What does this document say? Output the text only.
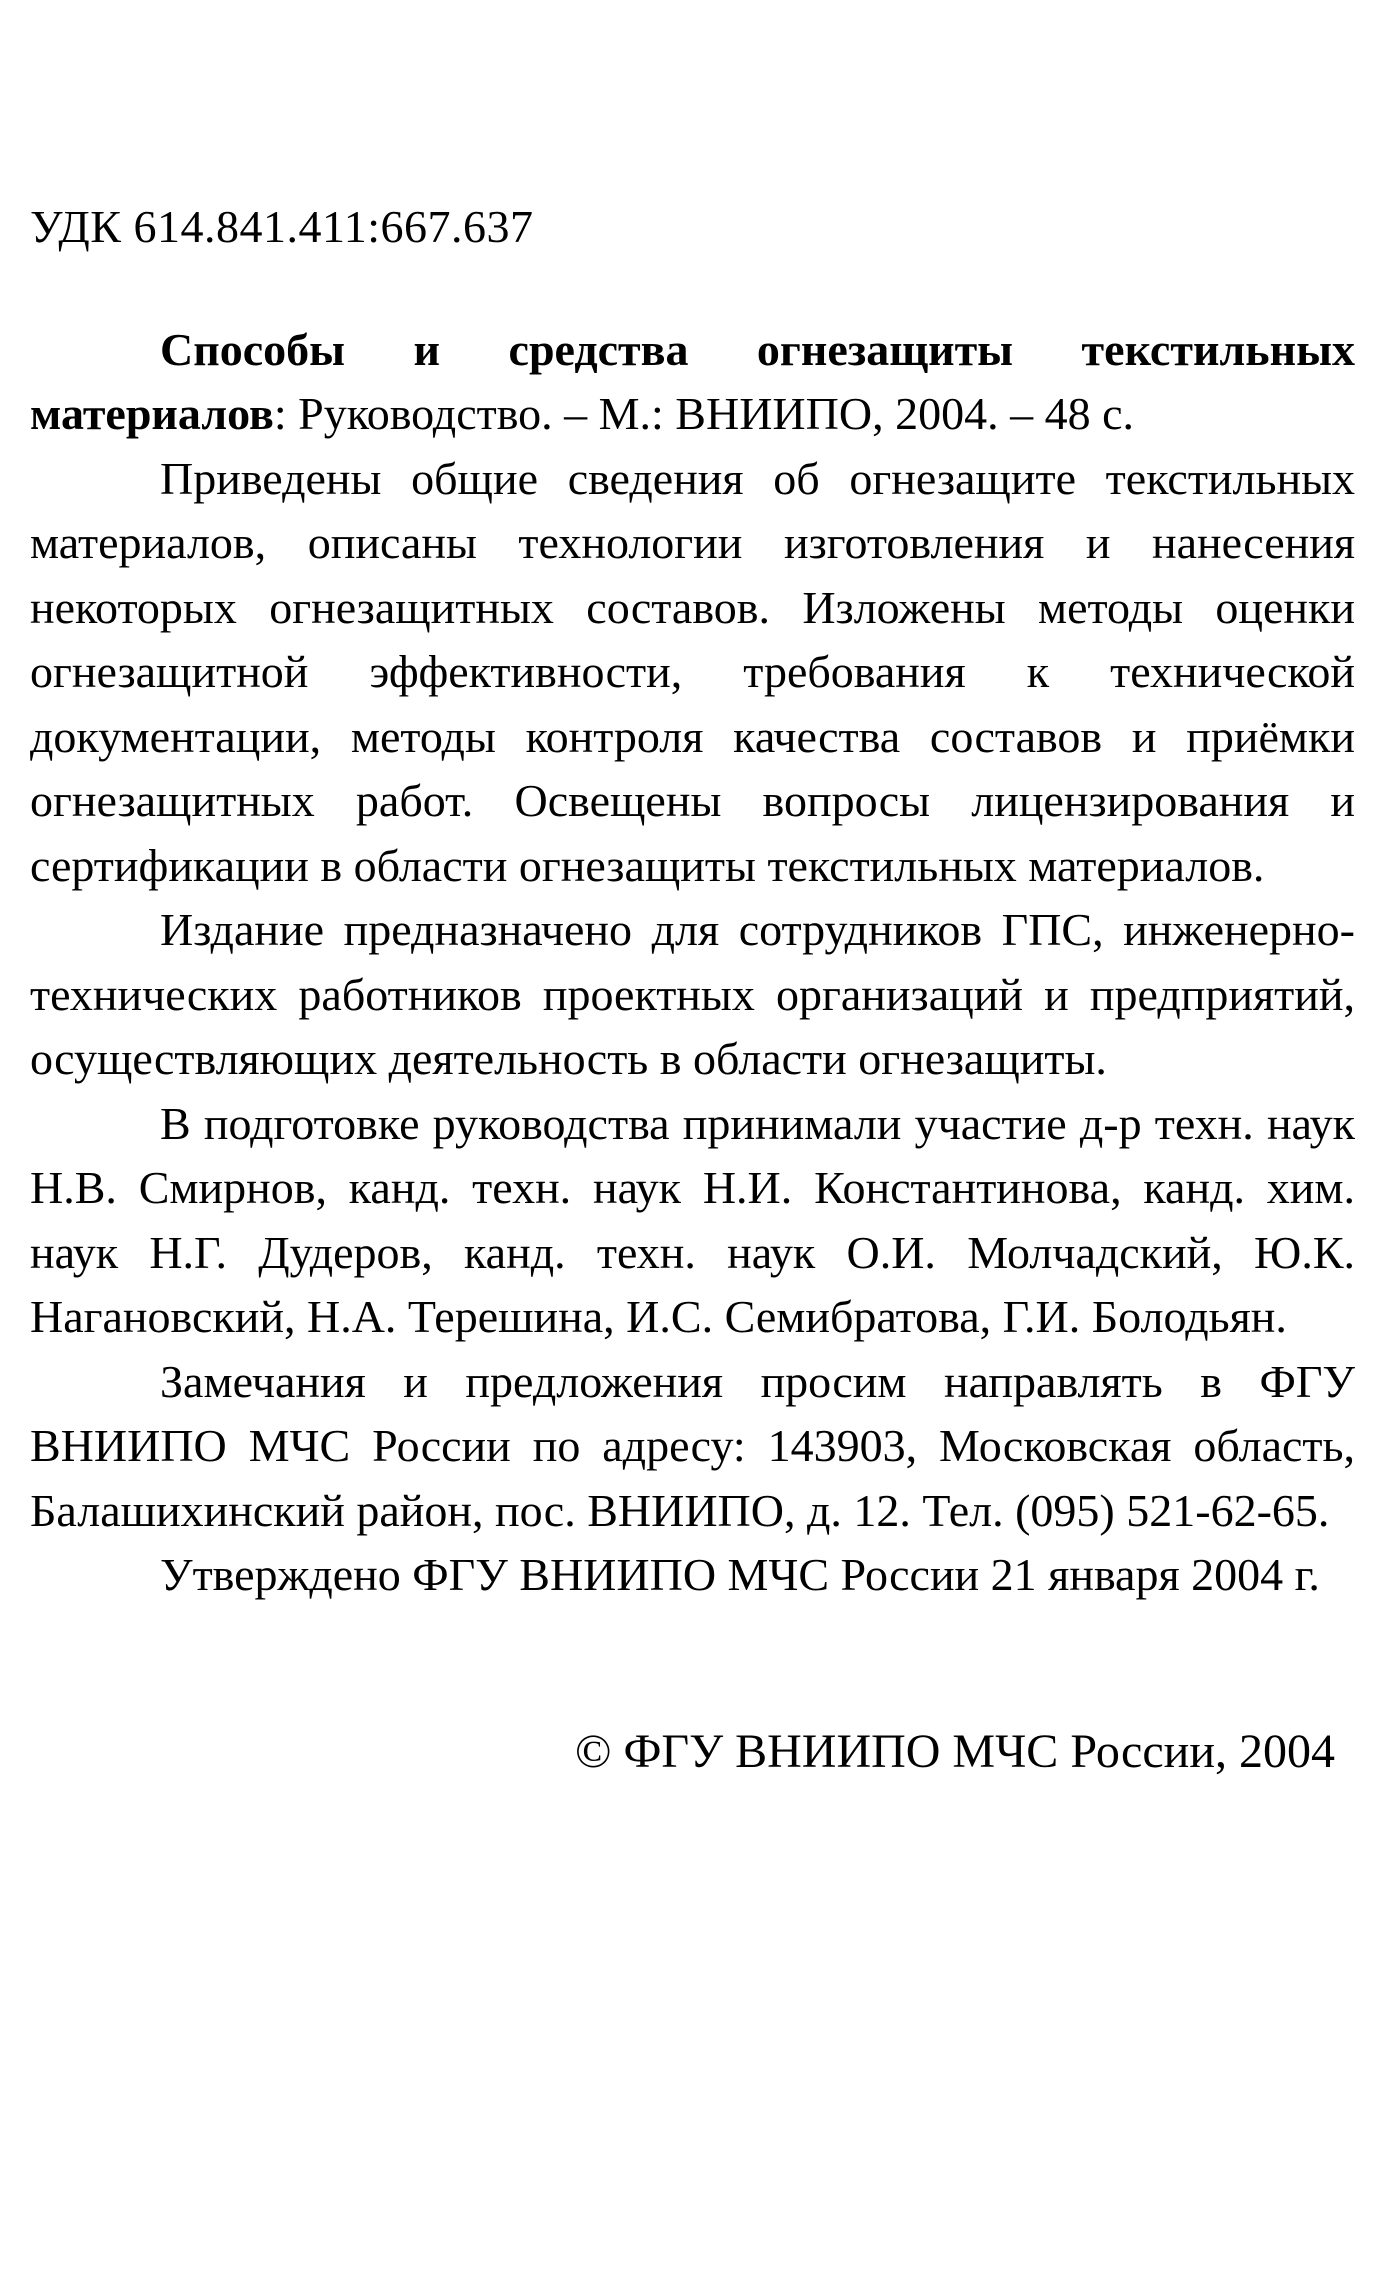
УДК 614.841.411:667.637

Способы и средства огнезащиты текстильных материалов: Руководство. – М.: ВНИИПО, 2004. – 48 с.

Приведены общие сведения об огнезащите текстильных материалов, описаны технологии изготовления и нанесения некоторых огнезащитных составов. Изложены методы оценки огнезащитной эффективности, требования к технической документации, методы контроля качества составов и приёмки огнезащитных работ. Освещены вопросы лицензирования и сертификации в области огнезащиты текстильных материалов.

Издание предназначено для сотрудников ГПС, инженерно-технических работников проектных организаций и предприятий, осуществляющих деятельность в области огнезащиты.

В подготовке руководства принимали участие д-р техн. наук Н.В. Смирнов, канд. техн. наук Н.И. Константинова, канд. хим. наук Н.Г. Дудеров, канд. техн. наук О.И. Молчадский, Ю.К. Нагановский, Н.А. Терешина, И.С. Семибратова, Г.И. Болодьян.

Замечания и предложения просим направлять в ФГУ ВНИИПО МЧС России по адресу: 143903, Московская область, Балашихинский район, пос. ВНИИПО, д. 12. Тел. (095) 521-62-65.

Утверждено ФГУ ВНИИПО МЧС России 21 января 2004 г.

© ФГУ ВНИИПО МЧС России, 2004
